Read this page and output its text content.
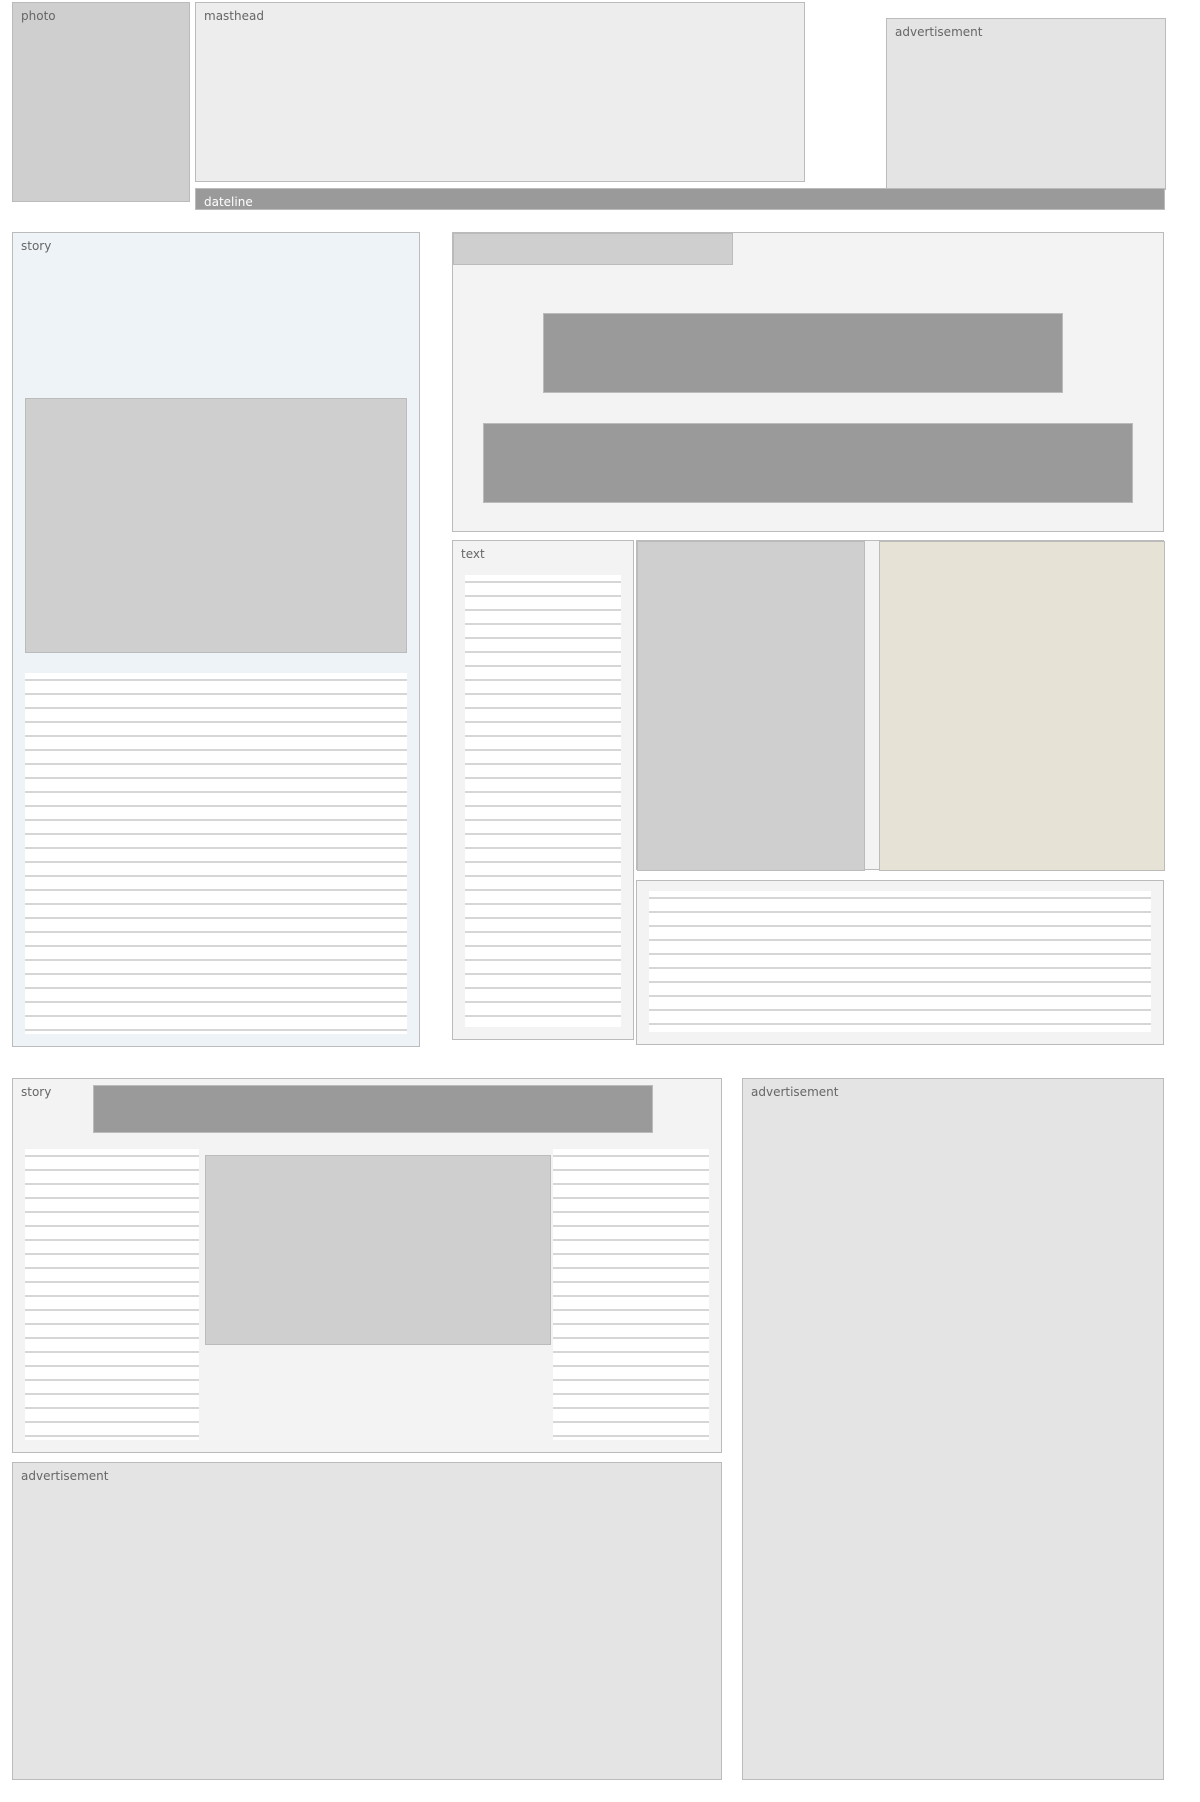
photo	masthead
advertisement
dateline
story
text
story	advertisement
advertisement
